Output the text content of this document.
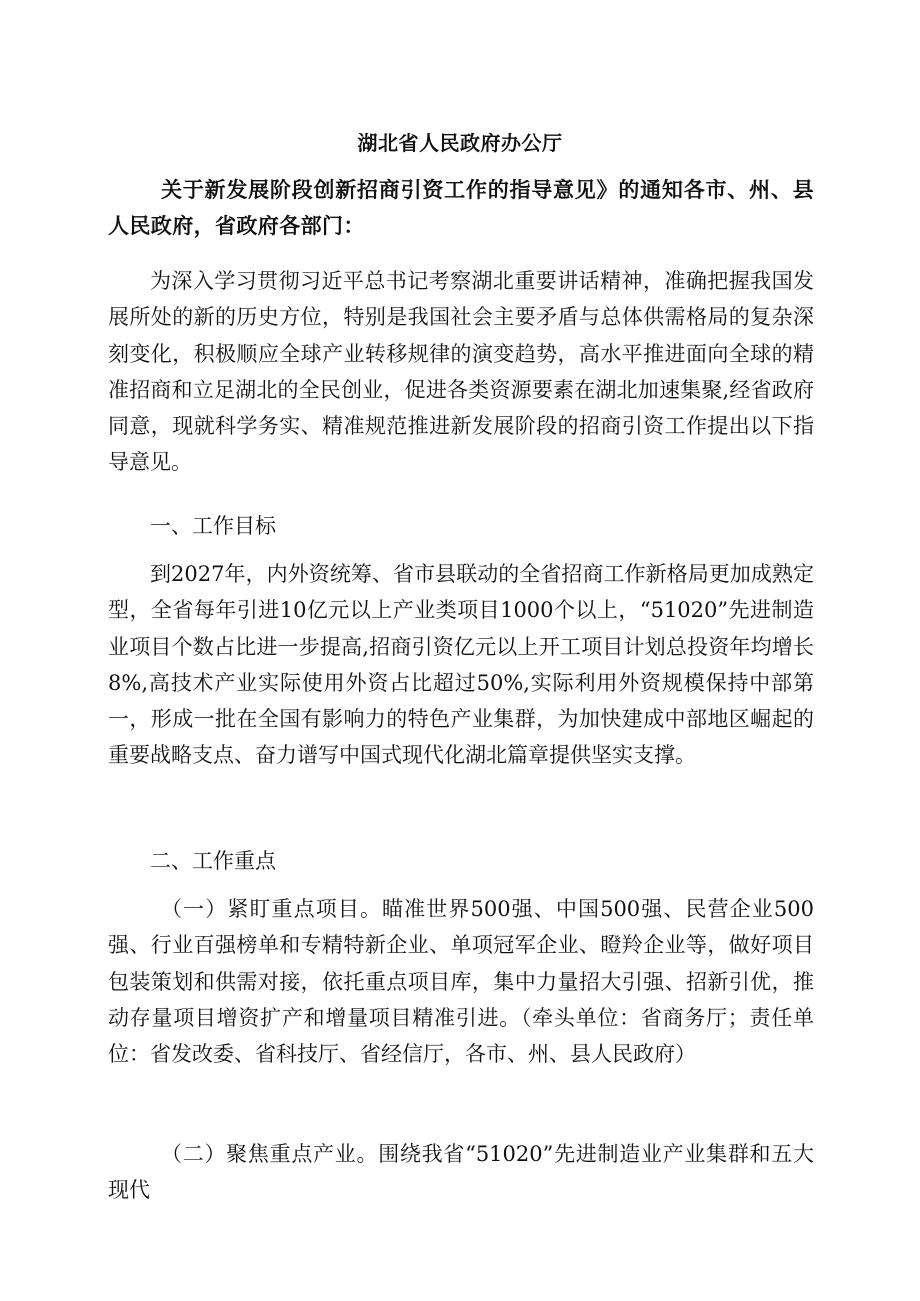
湖北省人民政府办公厅

关于新发展阶段创新招商引资工作的指导意见》的通知各市、州、县人民政府，省政府各部门：

为深入学习贯彻习近平总书记考察湖北重要讲话精神，准确把握我国发展所处的新的历史方位，特别是我国社会主要矛盾与总体供需格局的复杂深刻变化，积极顺应全球产业转移规律的演变趋势，高水平推进面向全球的精准招商和立足湖北的全民创业，促进各类资源要素在湖北加速集聚,经省政府同意，现就科学务实、精准规范推进新发展阶段的招商引资工作提出以下指导意见。

一、工作目标

到2027年，内外资统筹、省市县联动的全省招商工作新格局更加成熟定型，全省每年引进10亿元以上产业类项目1000个以上，“51020”先进制造业项目个数占比进一步提高,招商引资亿元以上开工项目计划总投资年均增长8%,高技术产业实际使用外资占比超过50%,实际利用外资规模保持中部第一，形成一批在全国有影响力的特色产业集群，为加快建成中部地区崛起的重要战略支点、奋力谱写中国式现代化湖北篇章提供坚实支撑。

二、工作重点

（一）紧盯重点项目。瞄准世界500强、中国500强、民营企业500强、行业百强榜单和专精特新企业、单项冠军企业、瞪羚企业等，做好项目包装策划和供需对接，依托重点项目库，集中力量招大引强、招新引优，推动存量项目增资扩产和增量项目精准引进。（牵头单位：省商务厅；责任单位：省发改委、省科技厅、省经信厅，各市、州、县人民政府）

（二）聚焦重点产业。围绕我省“51020”先进制造业产业集群和五大现代
